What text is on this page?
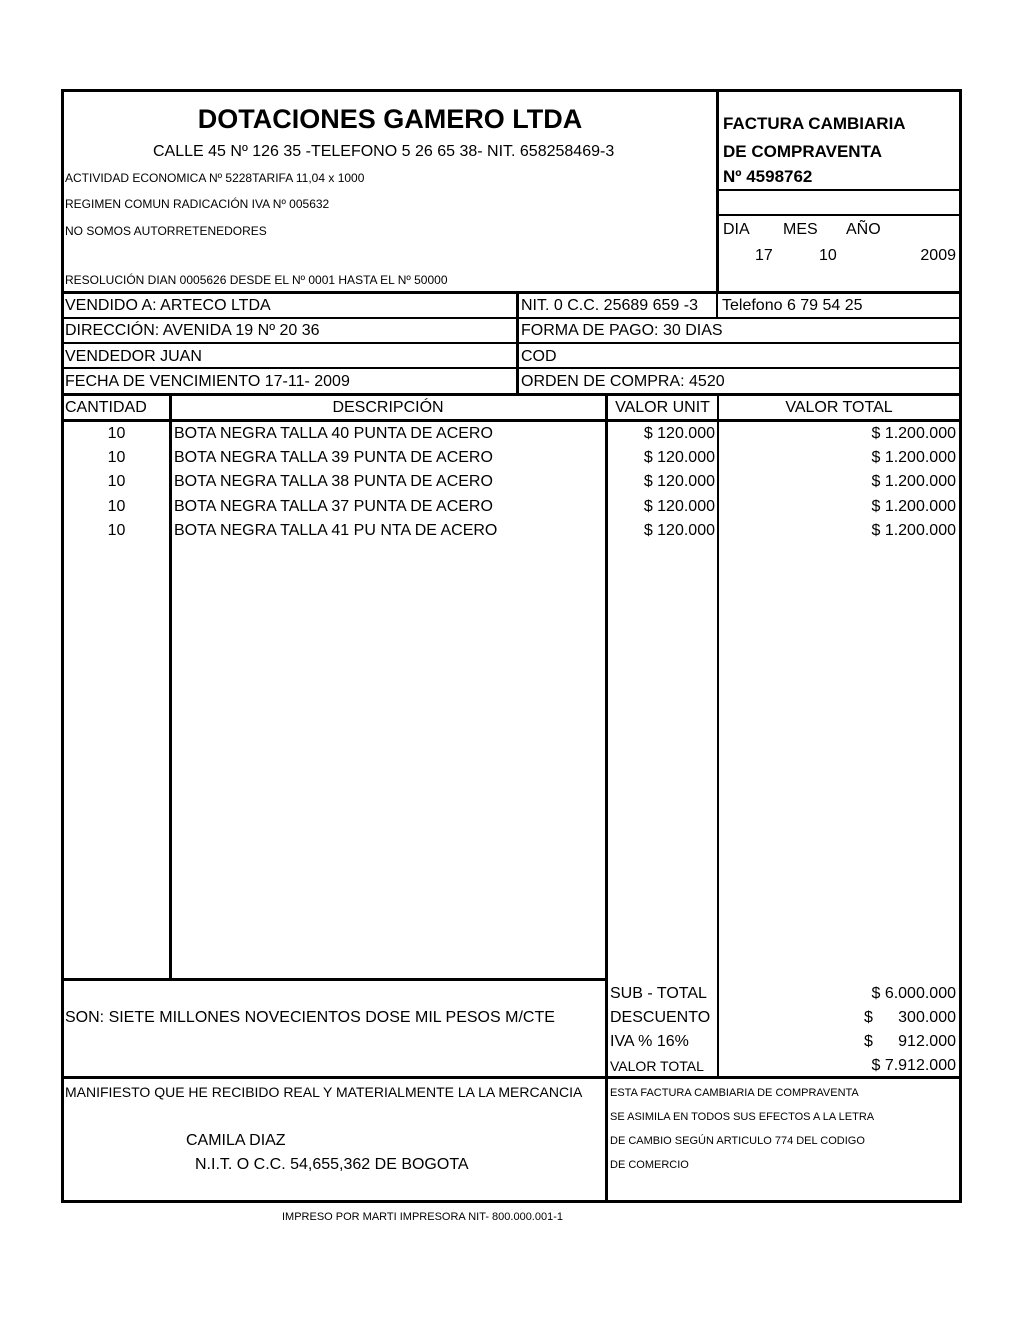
DOTACIONES GAMERO LTDA
CALLE 45 Nº 126 35 -TELEFONO 5 26 65 38- NIT. 658258469-3
ACTIVIDAD ECONOMICA Nº 5228TARIFA 11,04 x 1000
REGIMEN COMUN RADICACIÓN IVA Nº 005632
NO SOMOS AUTORRETENEDORES
RESOLUCIÓN DIAN 0005626 DESDE EL Nº 0001 HASTA EL Nº 50000
FACTURA CAMBIARIA
DE COMPRAVENTA
Nº 4598762
DIA MES AÑO
17	10	2009
VENDIDO A: ARTECO LTDA	NIT. 0 C.C. 25689 659 -3 Telefono 6 79 54 25
DIRECCIÓN: AVENIDA 19 Nº 20 36	FORMA DE PAGO: 30 DIAS
VENDEDOR JUAN	COD
FECHA DE VENCIMIENTO 17-11- 2009	ORDEN DE COMPRA: 4520
CANTIDAD	DESCRIPCIÓN	VALOR UNIT	VALOR TOTAL
10	BOTA NEGRA TALLA 40 PUNTA DE ACERO	$ 120.000	$ 1.200.000
10	BOTA NEGRA TALLA 39 PUNTA DE ACERO	$ 120.000	$ 1.200.000
10	BOTA NEGRA TALLA 38 PUNTA DE ACERO	$ 120.000	$ 1.200.000
10	BOTA NEGRA TALLA 37 PUNTA DE ACERO	$ 120.000	$ 1.200.000
10	BOTA NEGRA TALLA 41 PU NTA DE ACERO	$ 120.000	$ 1.200.000
SON: SIETE MILLONES NOVECIENTOS DOSE MIL PESOS M/CTE
SUB - TOTAL	$ 6.000.000
DESCUENTO	$	300.000
IVA % 16%	$	912.000
VALOR TOTAL	$ 7.912.000
MANIFIESTO QUE HE RECIBIDO REAL Y MATERIALMENTE LA LA MERCANCIA
CAMILA DIAZ
N.I.T. O C.C. 54,655,362 DE BOGOTA
ESTA FACTURA CAMBIARIA DE COMPRAVENTA
SE ASIMILA EN TODOS SUS EFECTOS A LA LETRA
DE CAMBIO SEGÚN ARTICULO 774 DEL CODIGO
DE COMERCIO
IMPRESO POR MARTI IMPRESORA NIT- 800.000.001-1
